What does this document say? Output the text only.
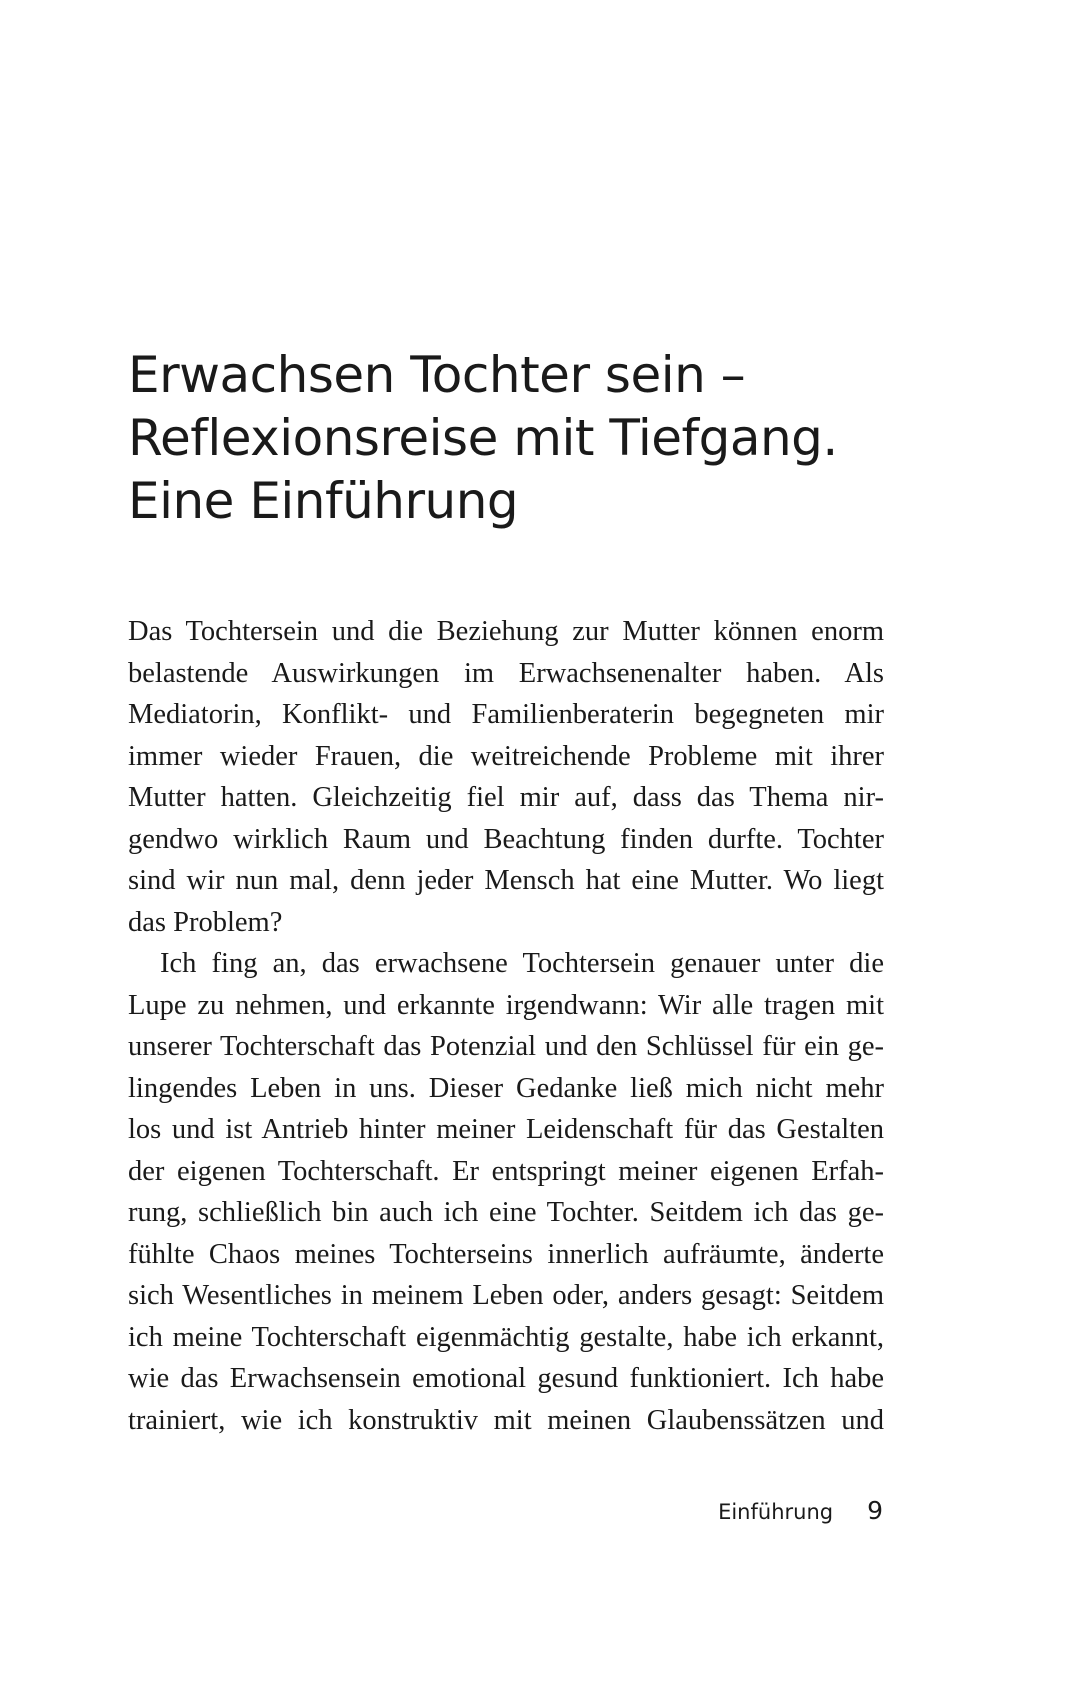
Erwachsen Tochter sein –
Reflexionsreise mit Tiefgang.
Eine Einführung
Das Tochtersein und die Beziehung zur Mutter können enorm
belastende Auswirkungen im Erwachsenenalter haben. Als
Mediatorin, Konflikt- und Familienberaterin begegneten mir
immer wieder Frauen, die weitreichende Probleme mit ihrer
Mutter hatten. Gleichzeitig fiel mir auf, dass das Thema nir-
gendwo wirklich Raum und Beachtung finden durfte. Tochter
sind wir nun mal, denn jeder Mensch hat eine Mutter. Wo liegt
das Problem?
Ich fing an, das erwachsene Tochtersein genauer unter die
Lupe zu nehmen, und erkannte irgendwann: Wir alle tragen mit
unserer Tochterschaft das Potenzial und den Schlüssel für ein ge-
lingendes Leben in uns. Dieser Gedanke ließ mich nicht mehr
los und ist Antrieb hinter meiner Leidenschaft für das Gestalten
der eigenen Tochterschaft. Er entspringt meiner eigenen Erfah-
rung, schließlich bin auch ich eine Tochter. Seitdem ich das ge-
fühlte Chaos meines Tochterseins innerlich aufräumte, änderte
sich Wesentliches in meinem Leben oder, anders gesagt: Seitdem
ich meine Tochterschaft eigenmächtig gestalte, habe ich erkannt,
wie das Erwachsensein emotional gesund funktioniert. Ich habe
trainiert, wie ich konstruktiv mit meinen Glaubenssätzen und
Einführung 9
